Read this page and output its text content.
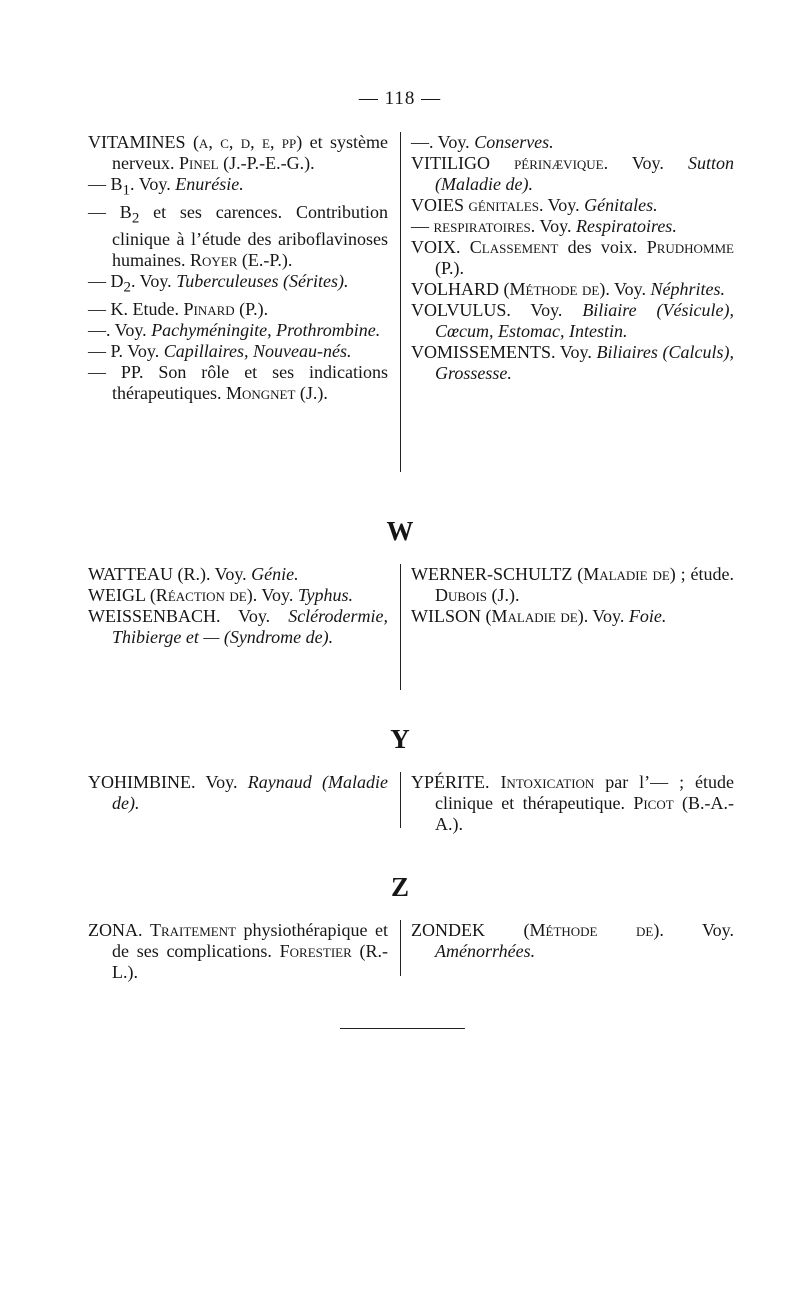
— 118 —

VITAMINES (a, c, d, e, pp) et système nerveux. Pinel (J.-P.-E.-G.).

— $B_1$. Voy. Enurésie.

— $B_2$ et ses carences. Contribution clinique à l’étude des ariboflavinoses humaines. Royer (E.-P.).

— $D_2$. Voy. Tuberculeuses (Sérites).

— K. Etude. Pinard (P.).

—. Voy. Pachyméningite, Prothrombine.

— P. Voy. Capillaires, Nouveau-nés.

— PP. Son rôle et ses indications thérapeutiques. Mongnet (J.).

—. Voy. Conserves.

VITILIGO périnævique. Voy. Sutton (Maladie de).

VOIES génitales. Voy. Génitales.

— respiratoires. Voy. Respiratoires.

VOIX. Classement des voix. Prudhomme (P.).

VOLHARD (Méthode de). Voy. Néphrites.

VOLVULUS. Voy. Biliaire (Vésicule), Cœcum, Estomac, Intestin.

VOMISSEMENTS. Voy. Biliaires (Calculs), Grossesse.

W

WATTEAU (R.). Voy. Génie.

WEIGL (Réaction de). Voy. Typhus.

WEISSENBACH. Voy. Sclérodermie, Thibierge et — (Syndrome de).

WERNER-SCHULTZ (Maladie de) ; étude. Dubois (J.).

WILSON (Maladie de). Voy. Foie.

Y

YOHIMBINE. Voy. Raynaud (Maladie de).

YPÉRITE. Intoxication par l’— ; étude clinique et thérapeutique. Picot (B.-A.-A.).

Z

ZONA. Traitement physiothérapique et de ses complications. Forestier (R.-L.).

ZONDEK (Méthode de). Voy. Aménorrhées.
